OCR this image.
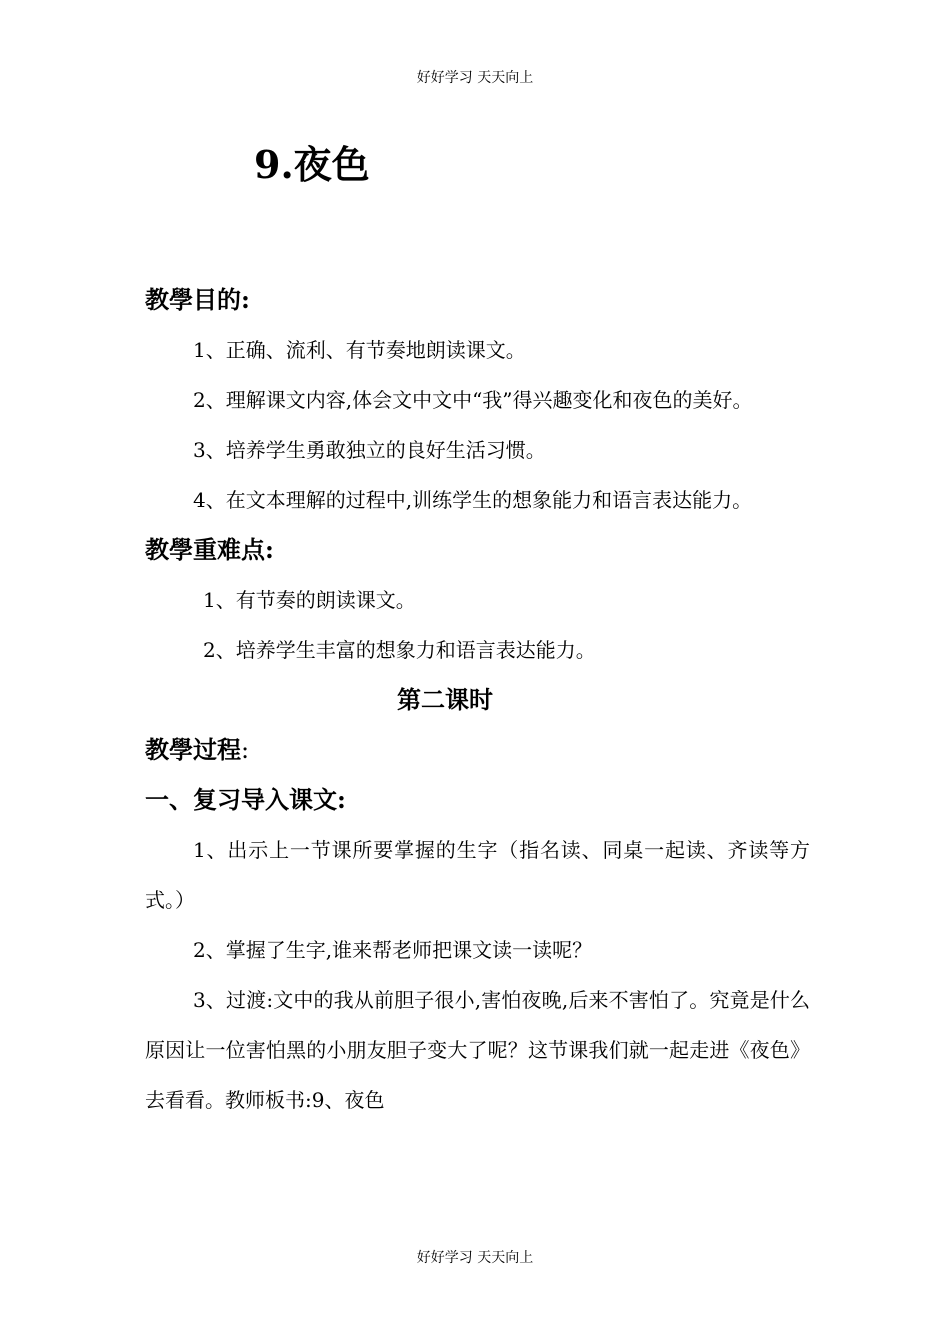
好好学习 天天向上
9.夜色
教學目的:
1、正确、流利、有节奏地朗读课文。
2、理解课文内容,体会文中文中“我”得兴趣变化和夜色的美好。
3、培养学生勇敢独立的良好生活习惯。
4、在文本理解的过程中,训练学生的想象能力和语言表达能力。
教學重难点:
1、有节奏的朗读课文。
2、培养学生丰富的想象力和语言表达能力。
第二课时
教學过程:
一、复习导入课文:
1、出示上一节课所要掌握的生字（指名读、同桌一起读、齐读等方式。）
2、掌握了生字,谁来帮老师把课文读一读呢？
3、过渡:文中的我从前胆子很小,害怕夜晚,后来不害怕了。究竟是什么原因让一位害怕黑的小朋友胆子变大了呢？这节课我们就一起走进《夜色》去看看。教师板书:9、夜色
好好学习 天天向上
